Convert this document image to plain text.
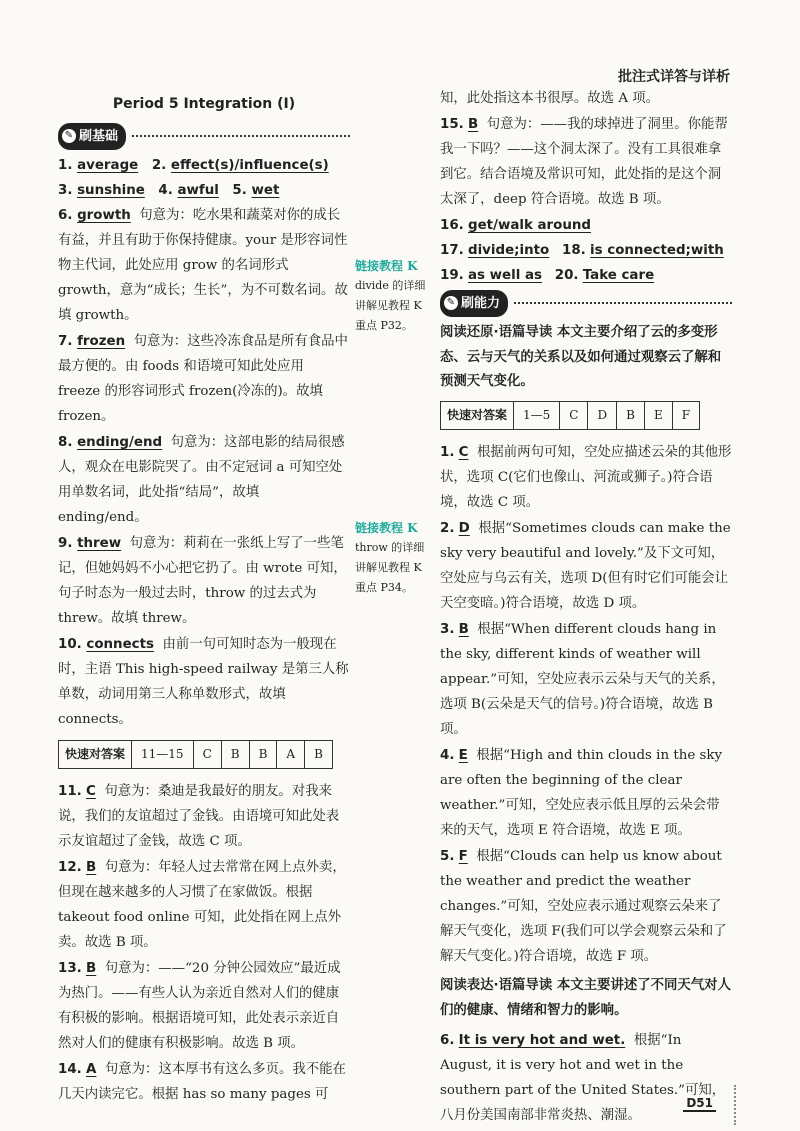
批注式详答与详析
Period 5 Integration (Ⅰ)
✎ 刷基础
1. average   2. effect(s)/influence(s)
3. sunshine   4. awful   5. wet
6. growth 句意为：吃水果和蔬菜对你的成长有益，并且有助于你保持健康。your 是形容词性物主代词，此处应用 grow 的名词形式 growth，意为“成长；生长”，为不可数名词。故填 growth。
7. frozen 句意为：这些冷冻食品是所有食品中最方便的。由 foods 和语境可知此处应用 freeze 的形容词形式 frozen(冷冻的)。故填 frozen。
8. ending/end 句意为：这部电影的结局很感人，观众在电影院哭了。由不定冠词 a 可知空处用单数名词，此处指“结局”，故填 ending/end。
9. threw 句意为：莉莉在一张纸上写了一些笔记，但她妈妈不小心把它扔了。由 wrote 可知，句子时态为一般过去时，throw 的过去式为 threw。故填 threw。
10. connects 由前一句可知时态为一般现在时，主语 This high-speed railway 是第三人称单数，动词用第三人称单数形式，故填 connects。
快速对答案	11—15	C	B	B	A	B
11. C 句意为：桑迪是我最好的朋友。对我来说，我们的友谊超过了金钱。由语境可知此处表示友谊超过了金钱，故选 C 项。
12. B 句意为：年轻人过去常常在网上点外卖，但现在越来越多的人习惯了在家做饭。根据 takeout food online 可知，此处指在网上点外卖。故选 B 项。
13. B 句意为：——“20 分钟公园效应”最近成为热门。——有些人认为亲近自然对人们的健康有积极的影响。根据语境可知，此处表示亲近自然对人们的健康有积极影响。故选 B 项。
14. A 句意为：这本厚书有这么多页。我不能在几天内读完它。根据 has so many pages 可
链接教程 K
divide 的详细讲解见教程 K 重点 P32。
链接教程 K
throw 的详细讲解见教程 K 重点 P34。
知，此处指这本书很厚。故选 A 项。
15. B 句意为：——我的球掉进了洞里。你能帮我一下吗？——这个洞太深了。没有工具很难拿到它。结合语境及常识可知，此处指的是这个洞太深了，deep 符合语境。故选 B 项。
16. get/walk around
17. divide;into 18. is connected;with
19. as well as 20. Take care
✎ 刷能力
阅读还原·语篇导读 本文主要介绍了云的多变形态、云与天气的关系以及如何通过观察云了解和预测天气变化。
快速对答案	1—5	C	D	B	E	F
1. C 根据前两句可知，空处应描述云朵的其他形状，选项 C(它们也像山、河流或狮子。)符合语境，故选 C 项。
2. D 根据“Sometimes clouds can make the sky very beautiful and lovely.”及下文可知，空处应与乌云有关，选项 D(但有时它们可能会让天空变暗。)符合语境，故选 D 项。
3. B 根据“When different clouds hang in the sky, different kinds of weather will appear.”可知，空处应表示云朵与天气的关系，选项 B(云朵是天气的信号。)符合语境，故选 B 项。
4. E 根据“High and thin clouds in the sky are often the beginning of the clear weather.”可知，空处应表示低且厚的云朵会带来的天气，选项 E 符合语境，故选 E 项。
5. F 根据“Clouds can help us know about the weather and predict the weather changes.”可知，空处应表示通过观察云朵来了解天气变化，选项 F(我们可以学会观察云朵和了解天气变化。)符合语境，故选 F 项。
阅读表达·语篇导读 本文主要讲述了不同天气对人们的健康、情绪和智力的影响。
6. It is very hot and wet. 根据“In August, it is very hot and wet in the southern part of the United States.”可知，八月份美国南部非常炎热、潮湿。
D51
